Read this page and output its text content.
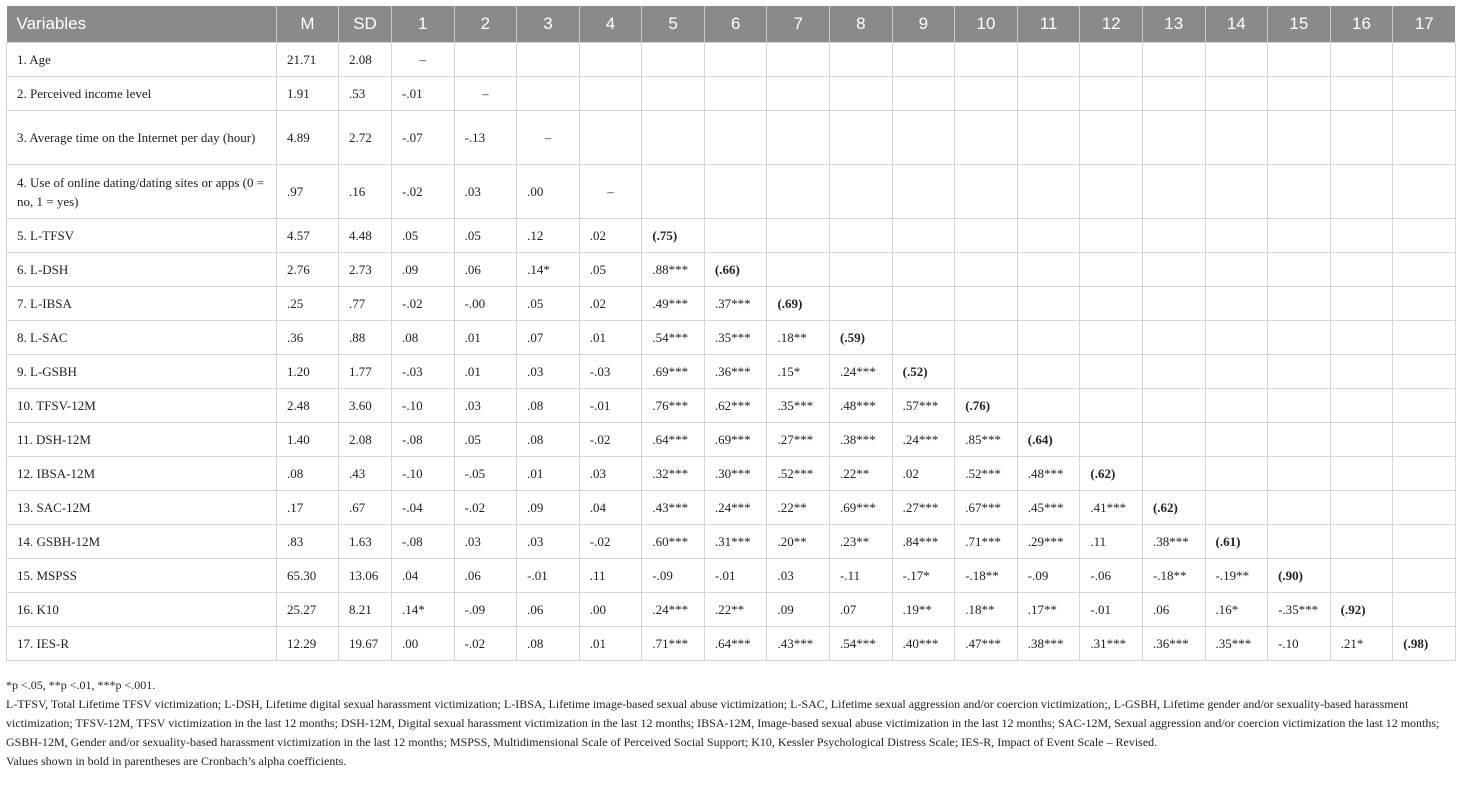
Variables	M	SD	1	2	3	4	5	6	7	8	9	10	11	12	13	14	15	16	17
1. Age	21.71	2.08	–																
2. Perceived income level	1.91	.53	-.01	–															
3. Average time on the Internet per day (hour)	4.89	2.72	-.07	-.13	–														
4. Use of online dating/dating sites or apps (0 = no, 1 = yes)	.97	.16	-.02	.03	.00	–													
5. L-TFSV	4.57	4.48	.05	.05	.12	.02	(.75)												
6. L-DSH	2.76	2.73	.09	.06	.14*	.05	.88***	(.66)											
7. L-IBSA	.25	.77	-.02	-.00	.05	.02	.49***	.37***	(.69)										
8. L-SAC	.36	.88	.08	.01	.07	.01	.54***	.35***	.18**	(.59)									
9. L-GSBH	1.20	1.77	-.03	.01	.03	-.03	.69***	.36***	.15*	.24***	(.52)								
10. TFSV-12M	2.48	3.60	-.10	.03	.08	-.01	.76***	.62***	.35***	.48***	.57***	(.76)							
11. DSH-12M	1.40	2.08	-.08	.05	.08	-.02	.64***	.69***	.27***	.38***	.24***	.85***	(.64)						
12. IBSA-12M	.08	.43	-.10	-.05	.01	.03	.32***	.30***	.52***	.22**	.02	.52***	.48***	(.62)					
13. SAC-12M	.17	.67	-.04	-.02	.09	.04	.43***	.24***	.22**	.69***	.27***	.67***	.45***	.41***	(.62)				
14. GSBH-12M	.83	1.63	-.08	.03	.03	-.02	.60***	.31***	.20**	.23**	.84***	.71***	.29***	.11	.38***	(.61)			
15. MSPSS	65.30	13.06	.04	.06	-.01	.11	-.09	-.01	.03	-.11	-.17*	-.18**	-.09	-.06	-.18**	-.19**	(.90)		
16. K10	25.27	8.21	.14*	-.09	.06	.00	.24***	.22**	.09	.07	.19**	.18**	.17**	-.01	.06	.16*	-.35***	(.92)	
17. IES-R	12.29	19.67	.00	-.02	.08	.01	.71***	.64***	.43***	.54***	.40***	.47***	.38***	.31***	.36***	.35***	-.10	.21*	(.98)

*p <.05, **p <.01, ***p <.001.

L-TFSV, Total Lifetime TFSV victimization; L-DSH, Lifetime digital sexual harassment victimization; L-IBSA, Lifetime image-based sexual abuse victimization; L-SAC, Lifetime sexual aggression and/or coercion victimization;, L-GSBH, Lifetime gender and/or sexuality-based harassment victimization; TFSV-12M, TFSV victimization in the last 12 months; DSH-12M, Digital sexual harassment victimization in the last 12 months; IBSA-12M, Image-based sexual abuse victimization in the last 12 months; SAC-12M, Sexual aggression and/or coercion victimization the last 12 months; GSBH-12M, Gender and/or sexuality-based harassment victimization in the last 12 months; MSPSS, Multidimensional Scale of Perceived Social Support; K10, Kessler Psychological Distress Scale; IES-R, Impact of Event Scale – Revised.

Values shown in bold in parentheses are Cronbach’s alpha coefficients.
